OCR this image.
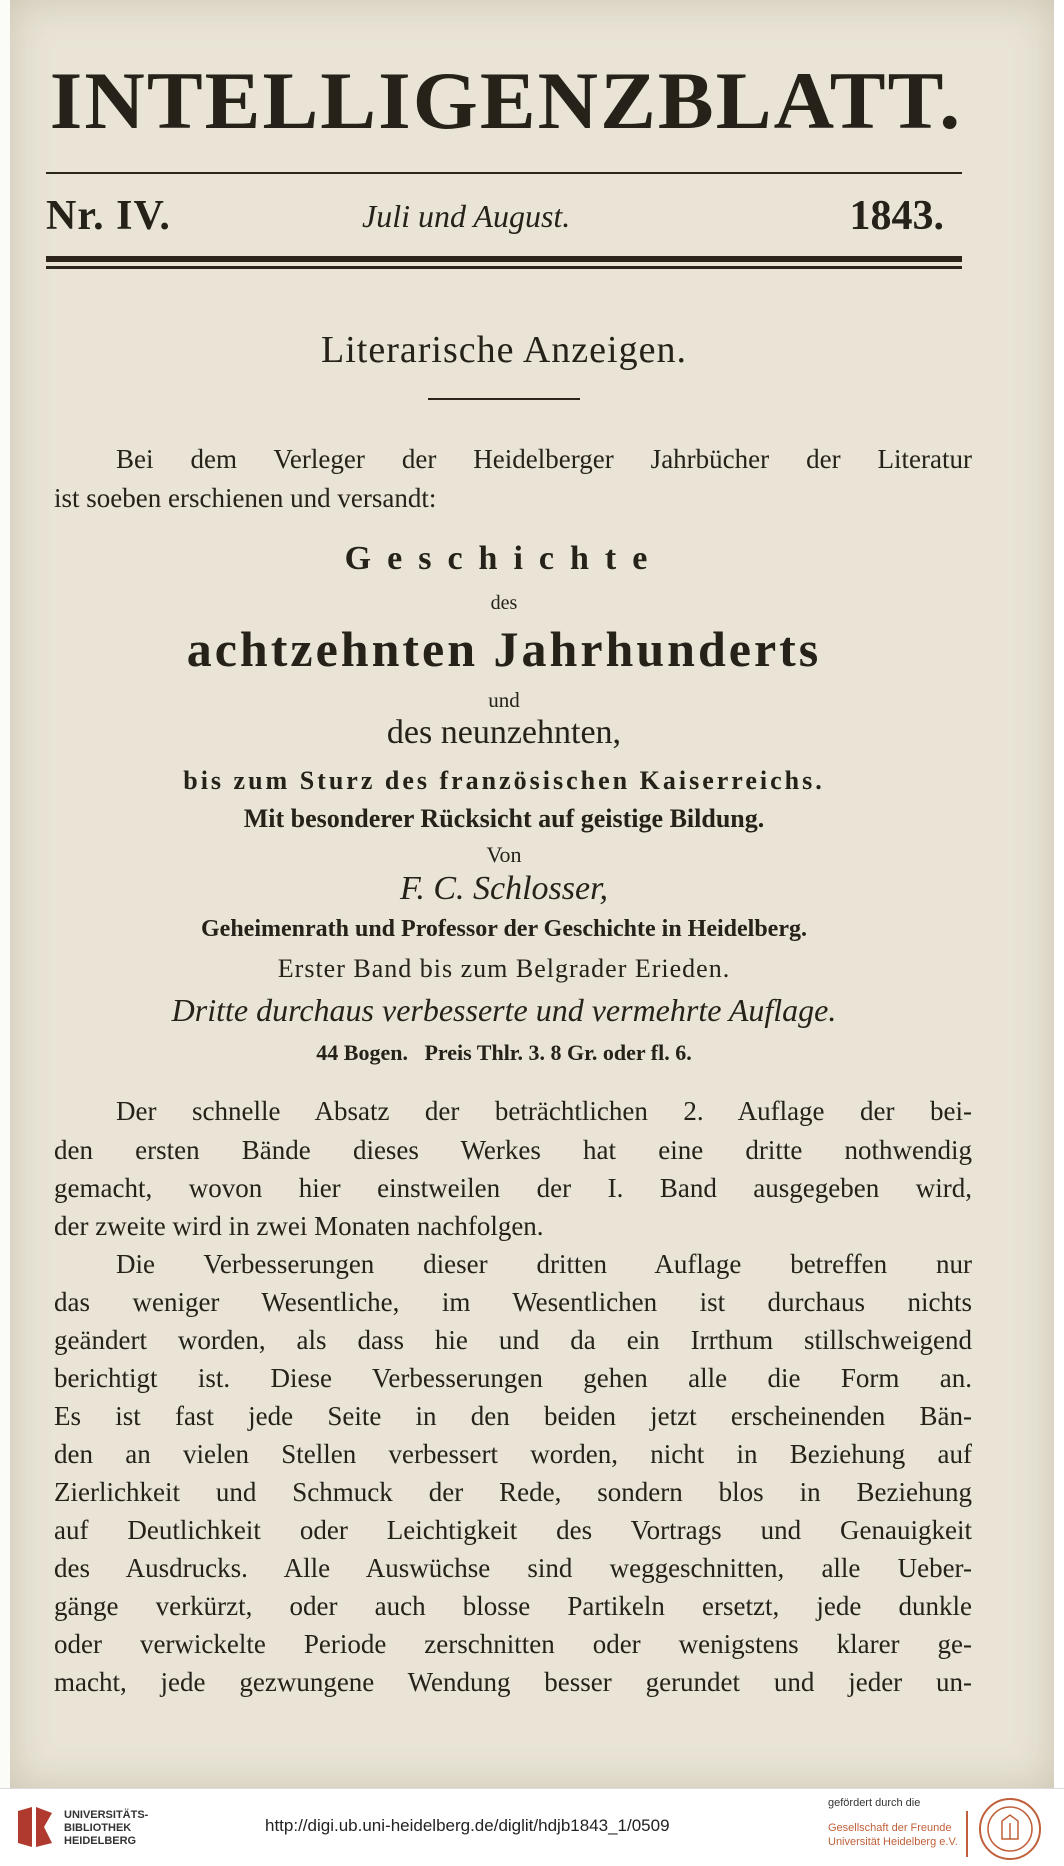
INTELLIGENZBLATT.
Nr. IV.	Juli und August.	1843.
Literarische Anzeigen.
Bei dem Verleger der Heidelberger Jahrbücher der Literatur
ist soeben erschienen und versandt:
Geschichte
des
achtzehnten Jahrhunderts
und
des neunzehnten,
bis zum Sturz des französischen Kaiserreichs.
Mit besonderer Rücksicht auf geistige Bildung.
Von
F. C. Schlosser,
Geheimenrath und Professor der Geschichte in Heidelberg.
Erster Band bis zum Belgrader Erieden.
Dritte durchaus verbesserte und vermehrte Auflage.
44 Bogen.   Preis Thlr. 3. 8 Gr. oder fl. 6.
Der schnelle Absatz der beträchtlichen 2. Auflage der bei-
den ersten Bände dieses Werkes hat eine dritte nothwendig
gemacht, wovon hier einstweilen der I. Band ausgegeben wird,
der zweite wird in zwei Monaten nachfolgen.
Die Verbesserungen dieser dritten Auflage betreffen nur
das weniger Wesentliche, im Wesentlichen ist durchaus nichts
geändert worden, als dass hie und da ein Irrthum stillschweigend
berichtigt ist. Diese Verbesserungen gehen alle die Form an.
Es ist fast jede Seite in den beiden jetzt erscheinenden Bän-
den an vielen Stellen verbessert worden, nicht in Beziehung auf
Zierlichkeit und Schmuck der Rede, sondern blos in Beziehung
auf Deutlichkeit oder Leichtigkeit des Vortrags und Genauigkeit
des Ausdrucks. Alle Auswüchse sind weggeschnitten, alle Ueber-
gänge verkürzt, oder auch blosse Partikeln ersetzt, jede dunkle
oder verwickelte Periode zerschnitten oder wenigstens klarer ge-
macht, jede gezwungene Wendung besser gerundet und jeder un-
UNIVERSITÄTS-
BIBLIOTHEK
HEIDELBERG
http://digi.ub.uni-heidelberg.de/diglit/hdjb1843_1/0509
gefördert durch die
Gesellschaft der Freunde
Universität Heidelberg e.V.
